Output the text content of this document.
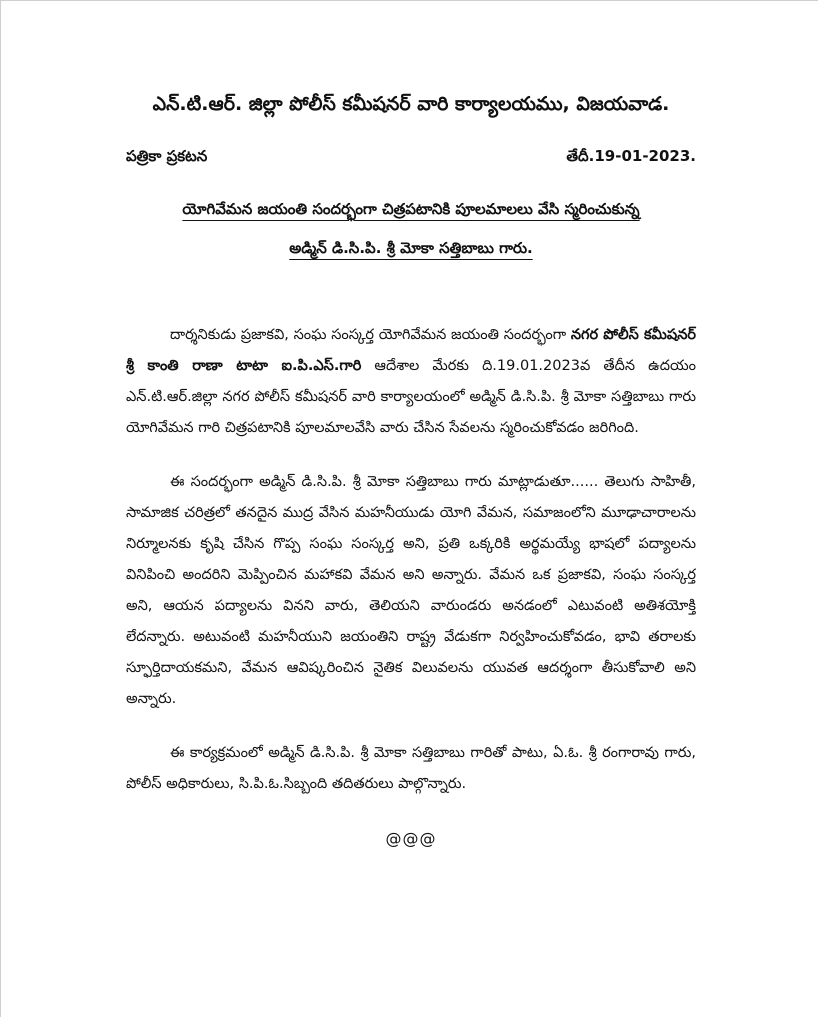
ఎన్.టి.ఆర్. జిల్లా పోలీస్ కమీషనర్ వారి కార్యాలయము, విజయవాడ.
పత్రికా ప్రకటన	తేదీ.19-01-2023.
యోగివేమన జయంతి సందర్భంగా చిత్రపటానికి పూలమాలలు వేసి స్మరించుకున్న
అడ్మిన్ డి.సి.పి. శ్రీ మోకా సత్తిబాబు గారు.

దార్శనికుడు ప్రజాకవి, సంఘ సంస్కర్త యోగివేమన జయంతి సందర్భంగా నగర పోలీస్ కమీషనర్ శ్రీ కాంతి రాణా టాటా ఐ.పి.ఎస్.గారి ఆదేశాల మేరకు ది.19.01.2023వ తేదీన ఉదయం ఎన్.టి.ఆర్.జిల్లా నగర పోలీస్ కమీషనర్ వారి కార్యాలయంలో అడ్మిన్ డి.సి.పి. శ్రీ మోకా సత్తిబాబు గారు యోగివేమన గారి చిత్రపటానికి పూలమాలవేసి వారు చేసిన సేవలను స్మరించుకోవడం జరిగింది.

ఈ సందర్భంగా అడ్మిన్ డి.సి.పి. శ్రీ మోకా సత్తిబాబు గారు మాట్లాడుతూ...... తెలుగు సాహితీ, సామాజిక చరిత్రలో తనదైన ముద్ర వేసిన మహనీయుడు యోగి వేమన, సమాజంలోని మూఢాచారాలను నిర్మూలనకు కృషి చేసిన గొప్ప సంఘ సంస్కర్త అని, ప్రతి ఒక్కరికి అర్థమయ్యే భాషలో పద్యాలను వినిపించి అందరిని మెప్పించిన మహాకవి వేమన అని అన్నారు. వేమన ఒక ప్రజాకవి, సంఘ సంస్కర్త అని, ఆయన పద్యాలను వినని వారు, తెలియని వారుండరు అనడంలో ఎటువంటి అతిశయోక్తి లేదన్నారు. అటువంటి మహనీయుని జయంతిని రాష్ట్ర వేడుకగా నిర్వహించుకోవడం, భావి తరాలకు స్ఫూర్తిదాయకమని, వేమన ఆవిష్కరించిన నైతిక విలువలను యువత ఆదర్శంగా తీసుకోవాలి అని అన్నారు.

ఈ కార్యక్రమంలో అడ్మిన్ డి.సి.పి. శ్రీ మోకా సత్తిబాబు గారితో పాటు, ఏ.ఓ. శ్రీ రంగారావు గారు, పోలీస్ అధికారులు, సి.పి.ఓ.సిబ్బంది తదితరులు పాల్గొన్నారు.

@@@
